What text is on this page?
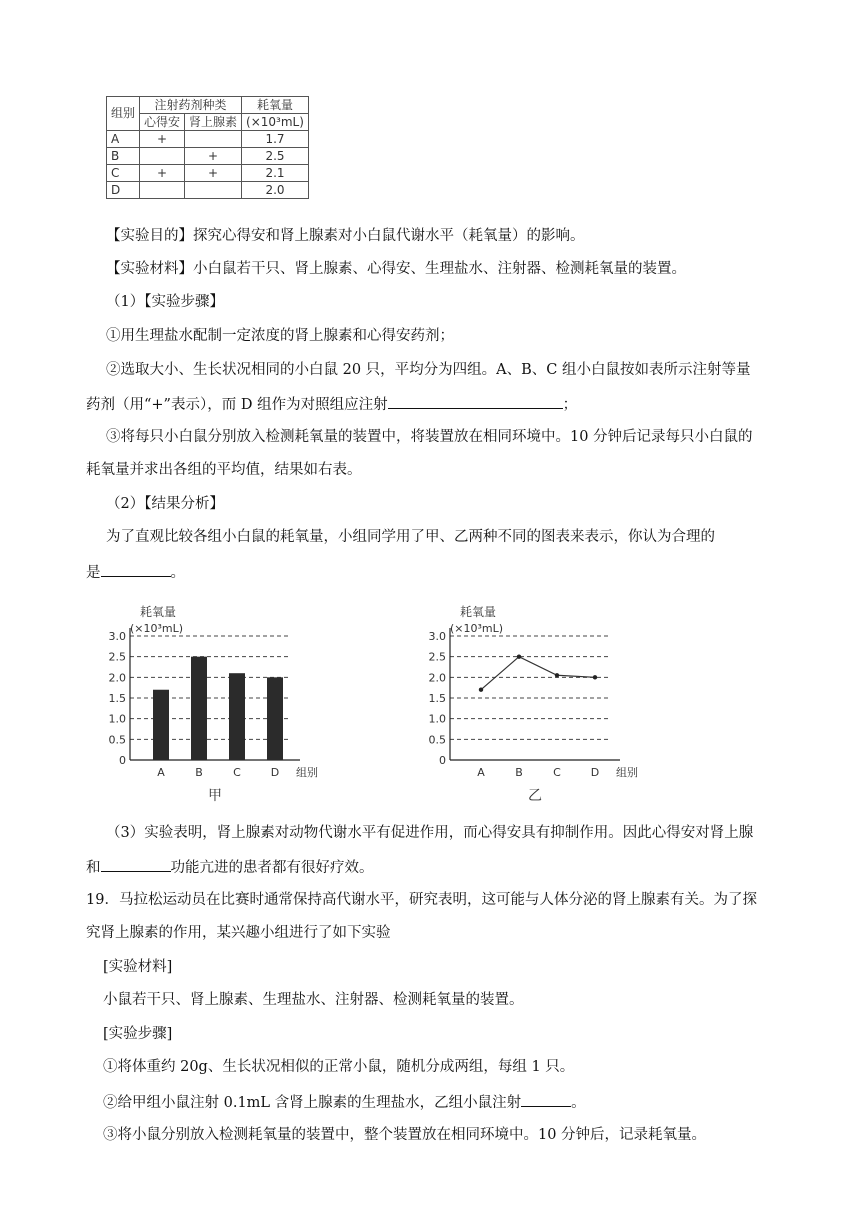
组别	注射药剂种类		耗氧量
	心得安	肾上腺素	(×10³mL)
A	+		1.7
B		+	2.5
C	+	+	2.1
D			2.0
【实验目的】探究心得安和肾上腺素对小白鼠代谢水平（耗氧量）的影响。
【实验材料】小白鼠若干只、肾上腺素、心得安、生理盐水、注射器、检测耗氧量的装置。
（1）【实验步骤】
①用生理盐水配制一定浓度的肾上腺素和心得安药剂；
②选取大小、生长状况相同的小白鼠 20 只，平均分为四组。A、B、C 组小白鼠按如表所示注射等量
药剂（用“+”表示），而 D 组作为对照组应注射	；
③将每只小白鼠分别放入检测耗氧量的装置中，将装置放在相同环境中。10 分钟后记录每只小白鼠的
耗氧量并求出各组的平均值，结果如右表。
（2）【结果分析】
为了直观比较各组小白鼠的耗氧量，小组同学用了甲、乙两种不同的图表来表示，你认为合理的
是	。
耗氧量
(×10³mL)
0
0.5
1.0
1.5
2.0
2.5
3.0
A	B	C	D 组别
甲
耗氧量
(×10³mL)
0
0.5
1.0
1.5
2.0
2.5
3.0
A	B	C	D 组别
乙
（3）实验表明，肾上腺素对动物代谢水平有促进作用，而心得安具有抑制作用。因此心得安对肾上腺
和	功能亢进的患者都有很好疗效。
19．马拉松运动员在比赛时通常保持高代谢水平，研究表明，这可能与人体分泌的肾上腺素有关。为了探
究肾上腺素的作用，某兴趣小组进行了如下实验
[实验材料]
小鼠若干只、肾上腺素、生理盐水、注射器、检测耗氧量的装置。
[实验步骤]
①将体重约 20g、生长状况相似的正常小鼠，随机分成两组，每组 1 只。
②给甲组小鼠注射 0.1mL 含肾上腺素的生理盐水，乙组小鼠注射	。
③将小鼠分别放入检测耗氧量的装置中，整个装置放在相同环境中。10 分钟后，记录耗氧量。
